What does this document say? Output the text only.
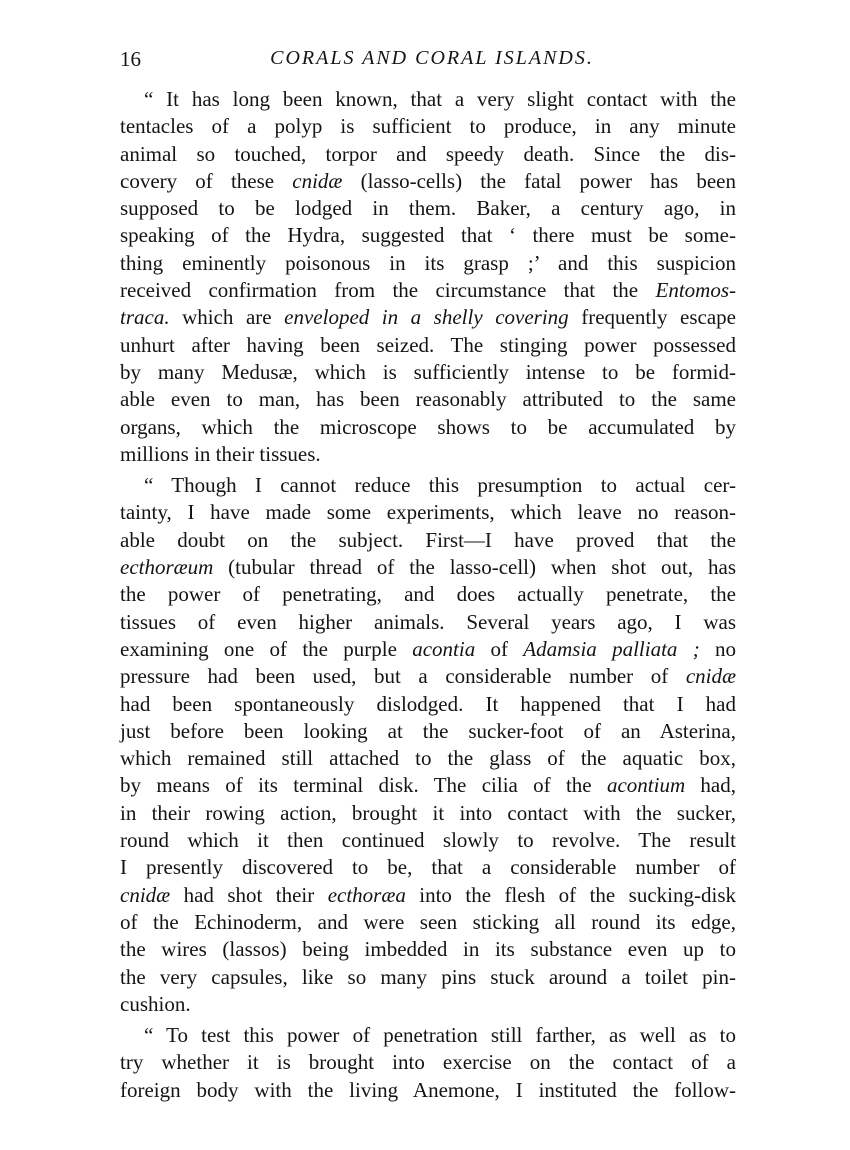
16	CORALS AND CORAL ISLANDS.
“ It has long been known, that a very slight contact with the
tentacles of a polyp is sufficient to produce, in any minute
animal so touched, torpor and speedy death. Since the dis-
covery of these cnidæ (lasso-cells) the fatal power has been
supposed to be lodged in them. Baker, a century ago, in
speaking of the Hydra, suggested that ‘ there must be some-
thing eminently poisonous in its grasp ;’ and this suspicion
received confirmation from the circumstance that the Entomos-
traca. which are enveloped in a shelly covering frequently escape
unhurt after having been seized. The stinging power possessed
by many Medusæ, which is sufficiently intense to be formid-
able even to man, has been reasonably attributed to the same
organs, which the microscope shows to be accumulated by
millions in their tissues.
“ Though I cannot reduce this presumption to actual cer-
tainty, I have made some experiments, which leave no reason-
able doubt on the subject. First—I have proved that the
ecthoræum (tubular thread of the lasso-cell) when shot out, has
the power of penetrating, and does actually penetrate, the
tissues of even higher animals. Several years ago, I was
examining one of the purple acontia of Adamsia palliata ; no
pressure had been used, but a considerable number of cnidæ
had been spontaneously dislodged. It happened that I had
just before been looking at the sucker-foot of an Asterina,
which remained still attached to the glass of the aquatic box,
by means of its terminal disk. The cilia of the acontium had,
in their rowing action, brought it into contact with the sucker,
round which it then continued slowly to revolve. The result
I presently discovered to be, that a considerable number of
cnidæ had shot their ecthoræa into the flesh of the sucking-disk
of the Echinoderm, and were seen sticking all round its edge,
the wires (lassos) being imbedded in its substance even up to
the very capsules, like so many pins stuck around a toilet pin-
cushion.
“ To test this power of penetration still farther, as well as to
try whether it is brought into exercise on the contact of a
foreign body with the living Anemone, I instituted the follow-
